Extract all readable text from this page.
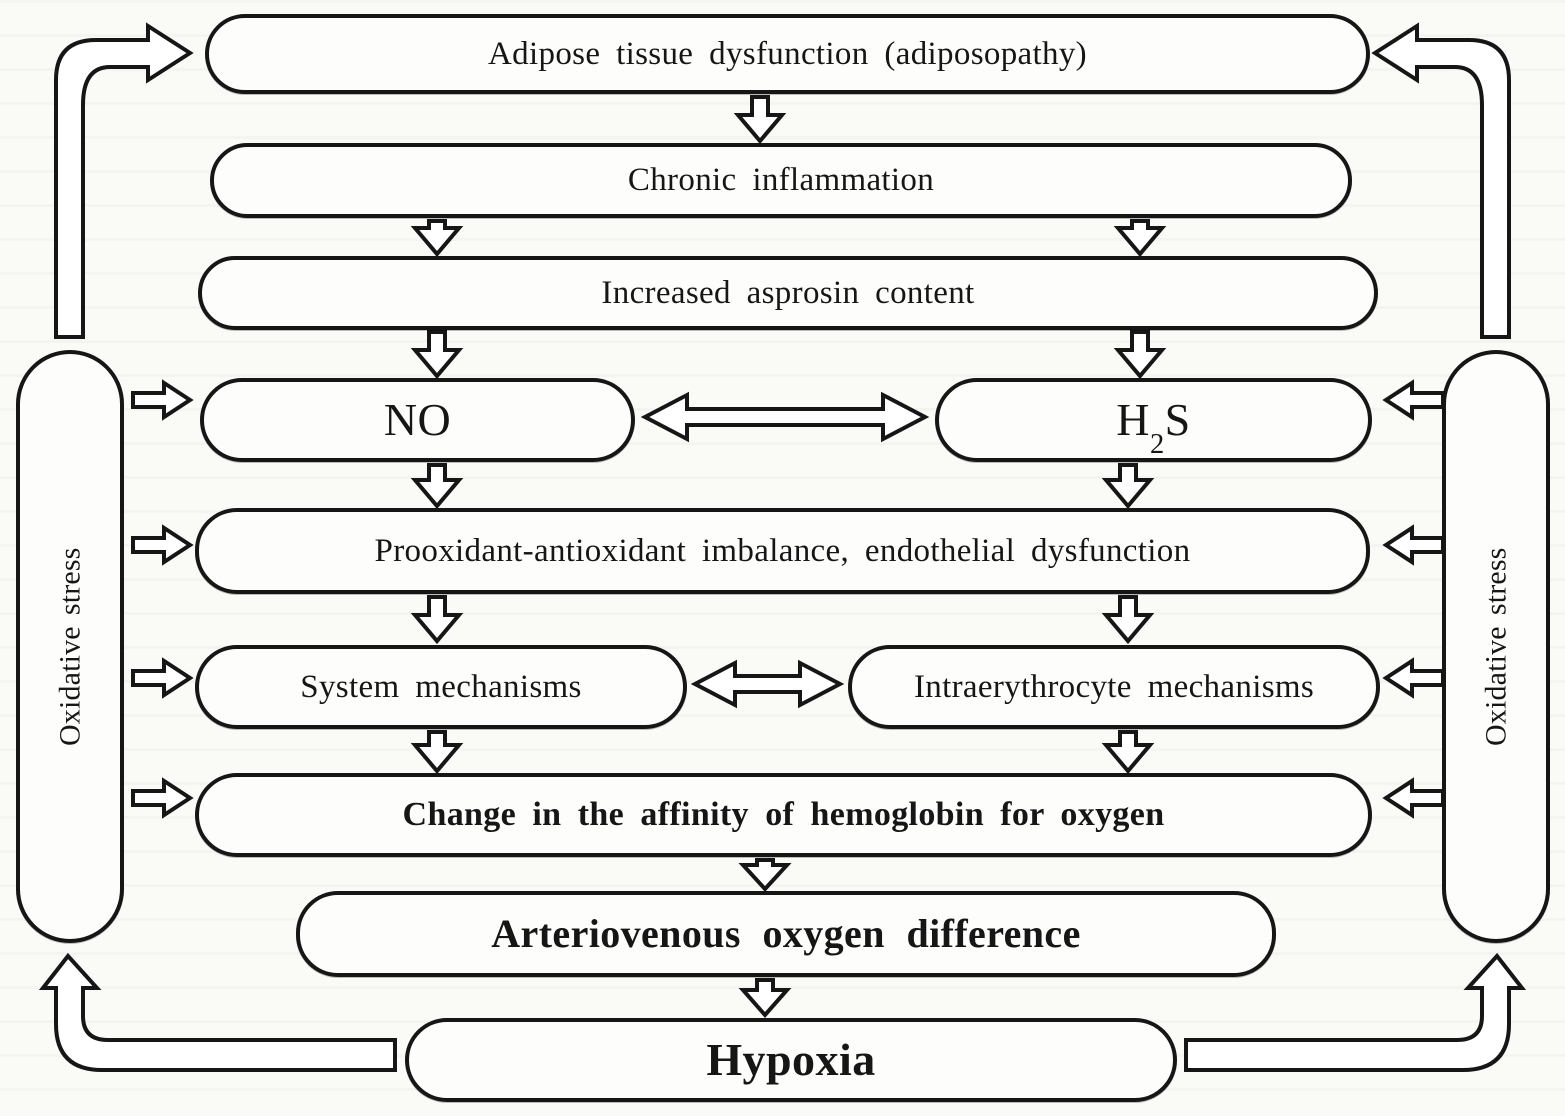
Adipose tissue dysfunction (adiposopathy)
Chronic inflammation
Increased asprosin content
NO	$H_2S$
Prooxidant-antioxidant imbalance, endothelial dysfunction
System mechanisms	Intraerythrocyte mechanisms
Change in the affinity of hemoglobin for oxygen
Arteriovenous oxygen difference
Hypoxia
Oxidative stress	Oxidative stress
